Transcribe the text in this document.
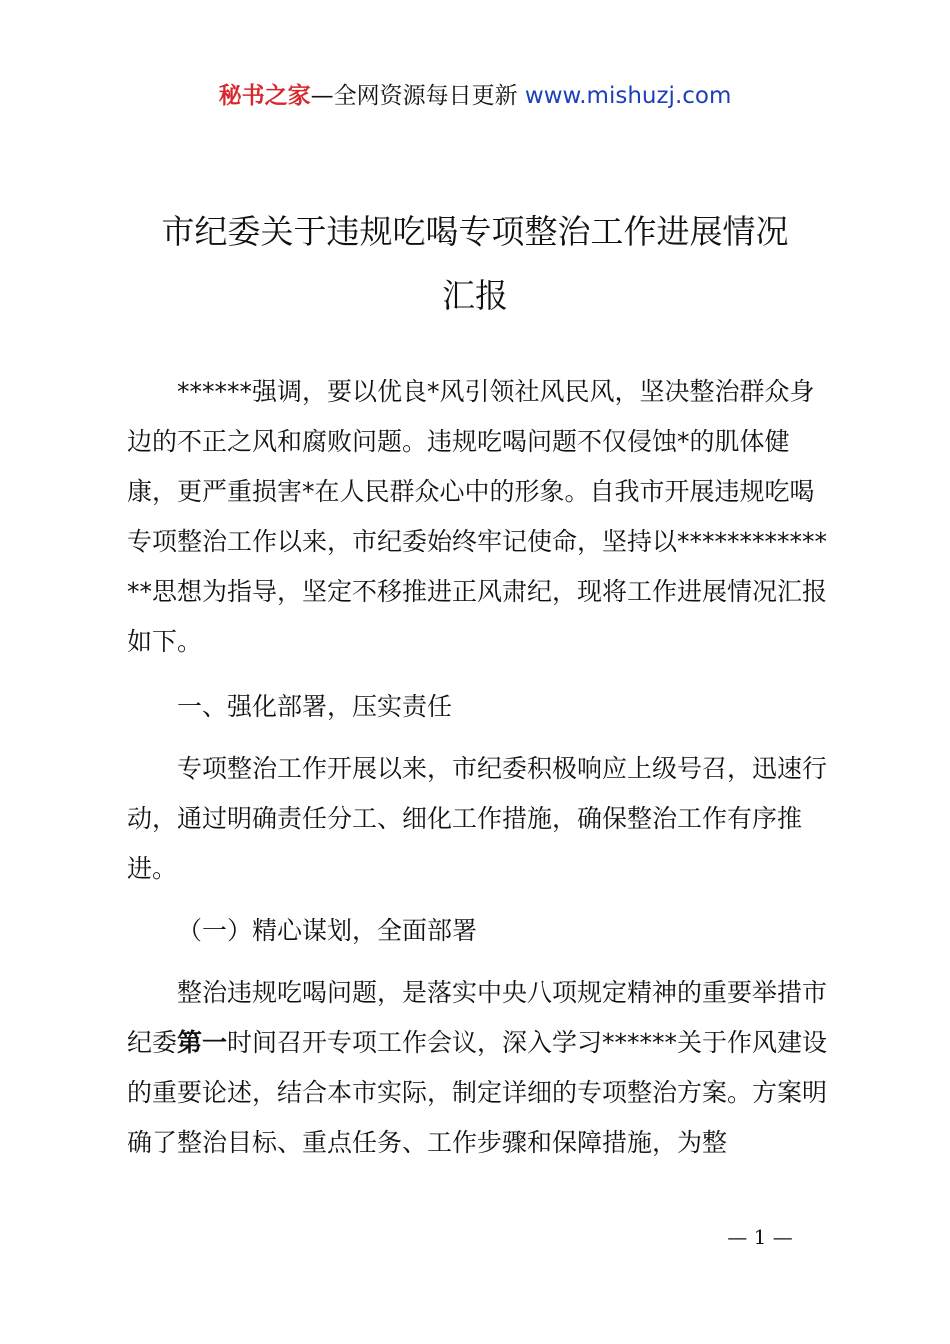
秘书之家—全网资源每日更新 www.mishuzj.com
市纪委关于违规吃喝专项整治工作进展情况
汇报

******强调，要以优良*风引领社风民风，坚决整治群众身边的不正之风和腐败问题。违规吃喝问题不仅侵蚀*的肌体健康，更严重损害*在人民群众心中的形象。自我市开展违规吃喝专项整治工作以来，市纪委始终牢记使命，坚持以**************思想为指导，坚定不移推进正风肃纪，现将工作进展情况汇报如下。

一、强化部署，压实责任

专项整治工作开展以来，市纪委积极响应上级号召，迅速行动，通过明确责任分工、细化工作措施，确保整治工作有序推进。

（一）精心谋划，全面部署

整治违规吃喝问题，是落实中央八项规定精神的重要举措市纪委第一时间召开专项工作会议，深入学习******关于作风建设的重要论述，结合本市实际，制定详细的专项整治方案。方案明确了整治目标、重点任务、工作步骤和保障措施，为整

— 1 —
